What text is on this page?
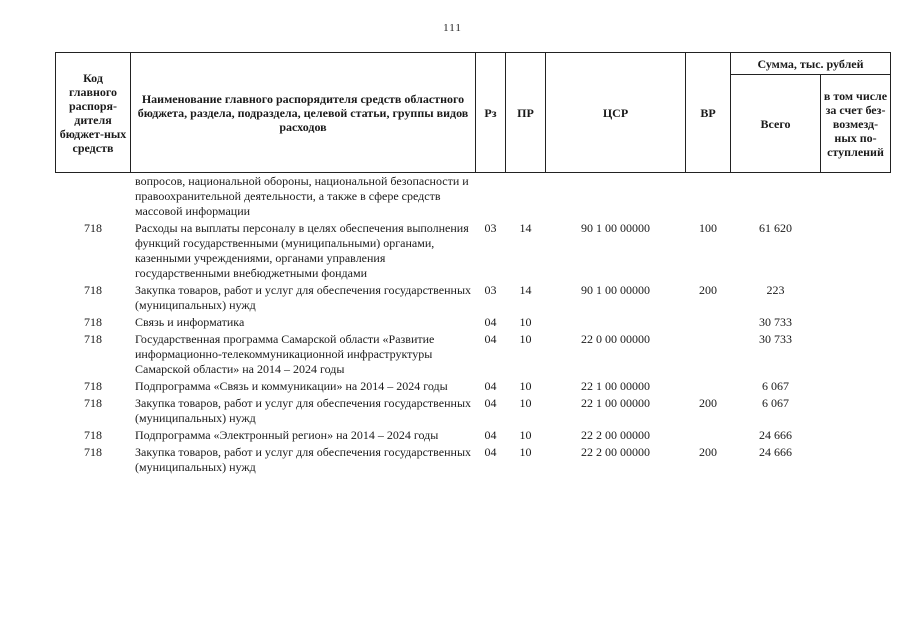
111
Код главного распоря-дителя бюджет-ных средств	Наименование главного распорядителя средств областного бюджета, раздела, подраздела, целевой статьи, группы видов расходов	Рз	ПР	ЦСР	ВР	Сумма, тыс. рублей	
						Всего	в том числе за счет без-возмезд-ных по-ступлений
	вопросов, национальной обороны, национальной безопасности и правоохранительной деятельности, а также в сфере средств массовой информации						
718	Расходы на выплаты персоналу в целях обеспечения выполнения функций государственными (муниципальными) органами, казенными учреждениями, органами управления государственными внебюджетными фондами	03	14	90 1 00 00000	100	61 620	
718	Закупка товаров, работ и услуг для обеспечения государственных (муниципальных) нужд	03	14	90 1 00 00000	200	223	
718	Связь и информатика	04	10			30 733	
718	Государственная программа Самарской области «Развитие информационно-телекоммуникационной инфраструктуры Самарской области» на 2014 – 2024 годы	04	10	22 0 00 00000		30 733	
718	Подпрограмма «Связь и коммуникации» на 2014 – 2024 годы	04	10	22 1 00 00000		6 067	
718	Закупка товаров, работ и услуг для обеспечения государственных (муниципальных) нужд	04	10	22 1 00 00000	200	6 067	
718	Подпрограмма «Электронный регион» на 2014 – 2024 годы	04	10	22 2 00 00000		24 666	
718	Закупка товаров, работ и услуг для обеспечения государственных (муниципальных) нужд	04	10	22 2 00 00000	200	24 666	
